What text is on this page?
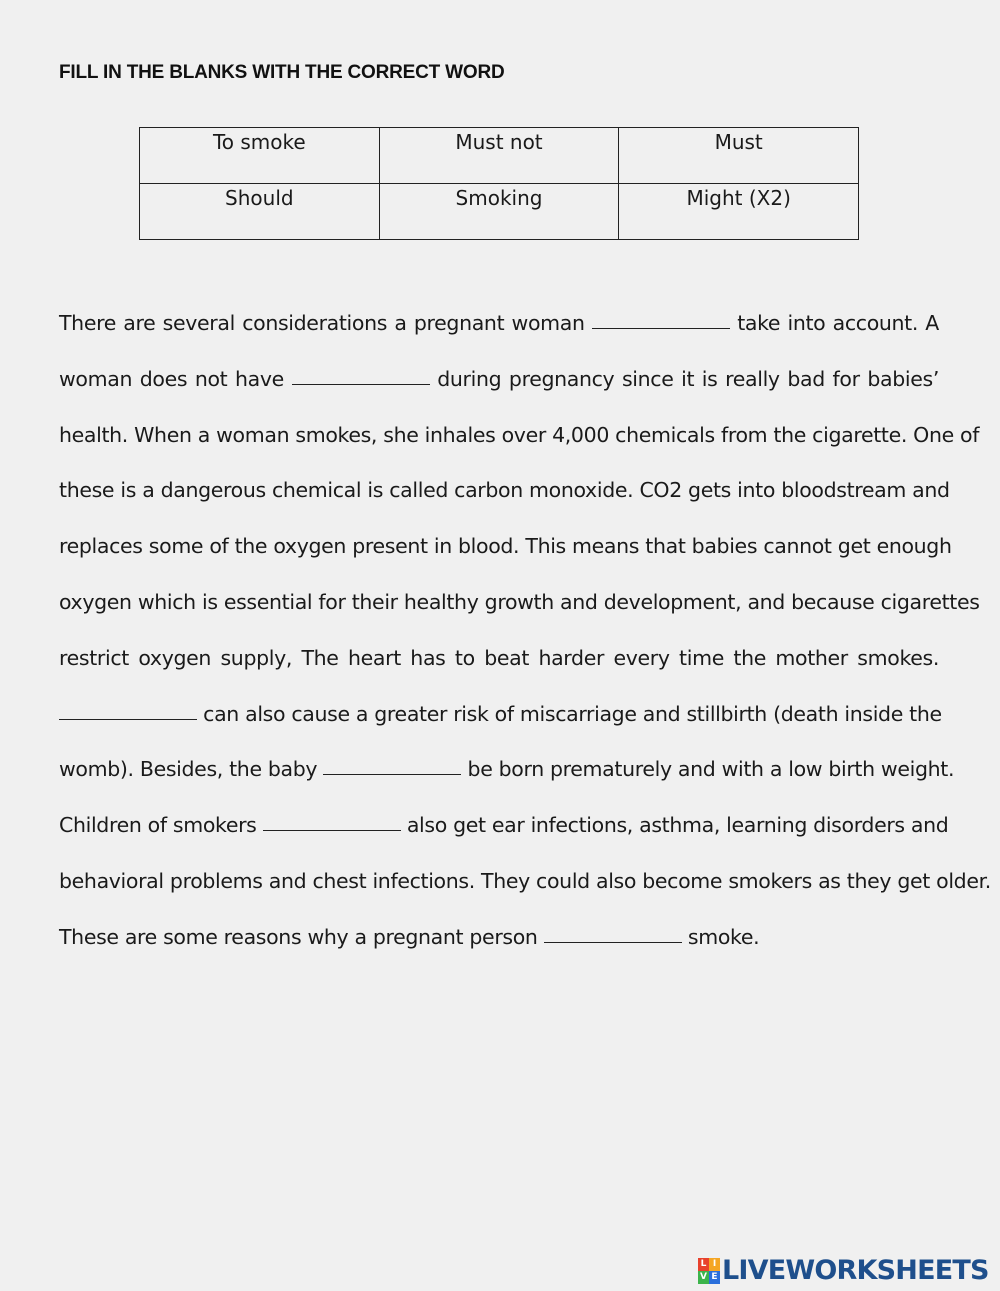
FILL IN THE BLANKS WITH THE CORRECT WORD
To smoke	Must not	Must
Should	Smoking	Might (X2)
There are several considerations a pregnant woman	take into account. A
woman does not have	during pregnancy since it is really bad for babies’
health. When a woman smokes, she inhales over 4,000 chemicals from the cigarette. One of
these is a dangerous chemical is called carbon monoxide. CO2 gets into bloodstream and
replaces some of the oxygen present in blood. This means that babies cannot get enough
oxygen which is essential for their healthy growth and development, and because cigarettes
restrict oxygen supply, The heart has to beat harder every time the mother smokes.
can also cause a greater risk of miscarriage and stillbirth (death inside the
womb). Besides, the baby	be born prematurely and with a low birth weight.
Children of smokers	also get ear infections, asthma, learning disorders and
behavioral problems and chest infections. They could also become smokers as they get older.
These are some reasons why a pregnant person	smoke.
L I
V E LIVEWORKSHEETS
